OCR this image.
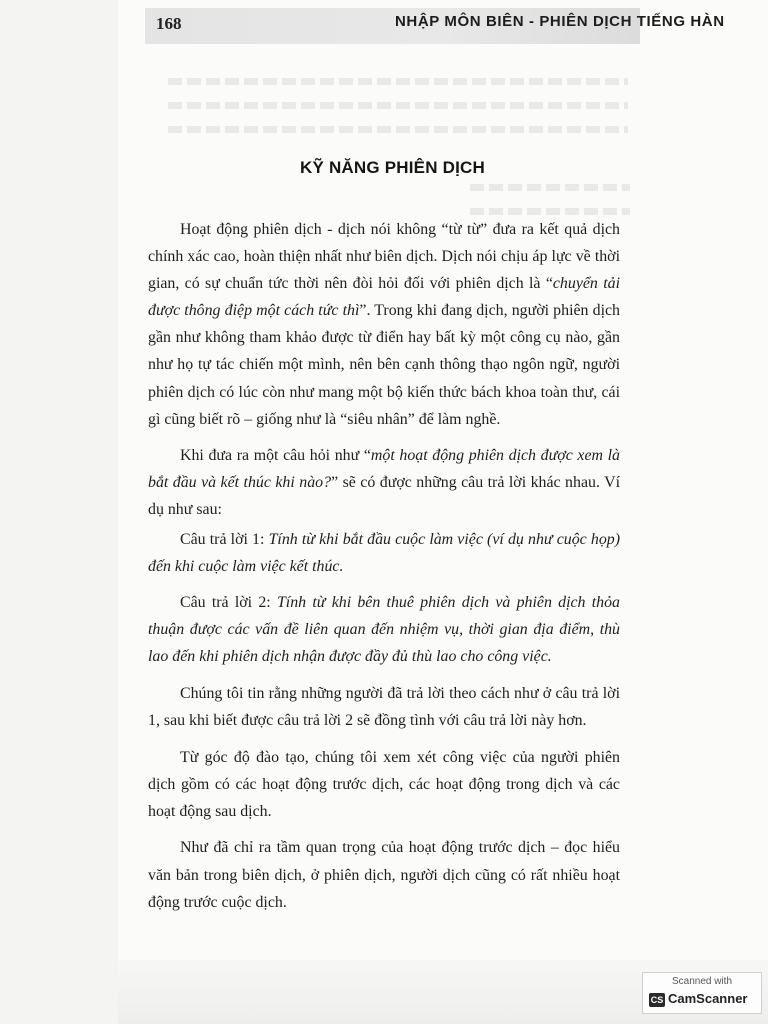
168	NHẬP MÔN BIÊN - PHIÊN DỊCH TIẾNG HÀN
KỸ NĂNG PHIÊN DỊCH

Hoạt động phiên dịch - dịch nói không “từ từ” đưa ra kết quả dịch chính xác cao, hoàn thiện nhất như biên dịch. Dịch nói chịu áp lực về thời gian, có sự chuẩn tức thời nên đòi hỏi đối với phiên dịch là “chuyển tải được thông điệp một cách tức thì”. Trong khi đang dịch, người phiên dịch gần như không tham khảo được từ điển hay bất kỳ một công cụ nào, gần như họ tự tác chiến một mình, nên bên cạnh thông thạo ngôn ngữ, người phiên dịch có lúc còn như mang một bộ kiến thức bách khoa toàn thư, cái gì cũng biết rõ – giống như là “siêu nhân” để làm nghề.

Khi đưa ra một câu hỏi như “một hoạt động phiên dịch được xem là bắt đầu và kết thúc khi nào?” sẽ có được những câu trả lời khác nhau. Ví dụ như sau:

Câu trả lời 1: Tính từ khi bắt đầu cuộc làm việc (ví dụ như cuộc họp) đến khi cuộc làm việc kết thúc.

Câu trả lời 2: Tính từ khi bên thuê phiên dịch và phiên dịch thỏa thuận được các vấn đề liên quan đến nhiệm vụ, thời gian địa điểm, thù lao đến khi phiên dịch nhận được đầy đủ thù lao cho công việc.

Chúng tôi tin rằng những người đã trả lời theo cách như ở câu trả lời 1, sau khi biết được câu trả lời 2 sẽ đồng tình với câu trả lời này hơn.

Từ góc độ đào tạo, chúng tôi xem xét công việc của người phiên dịch gồm có các hoạt động trước dịch, các hoạt động trong dịch và các hoạt động sau dịch.

Như đã chỉ ra tầm quan trọng của hoạt động trước dịch – đọc hiểu văn bản trong biên dịch, ở phiên dịch, người dịch cũng có rất nhiều hoạt động trước cuộc dịch.

Scanned with
CS CamScanner
